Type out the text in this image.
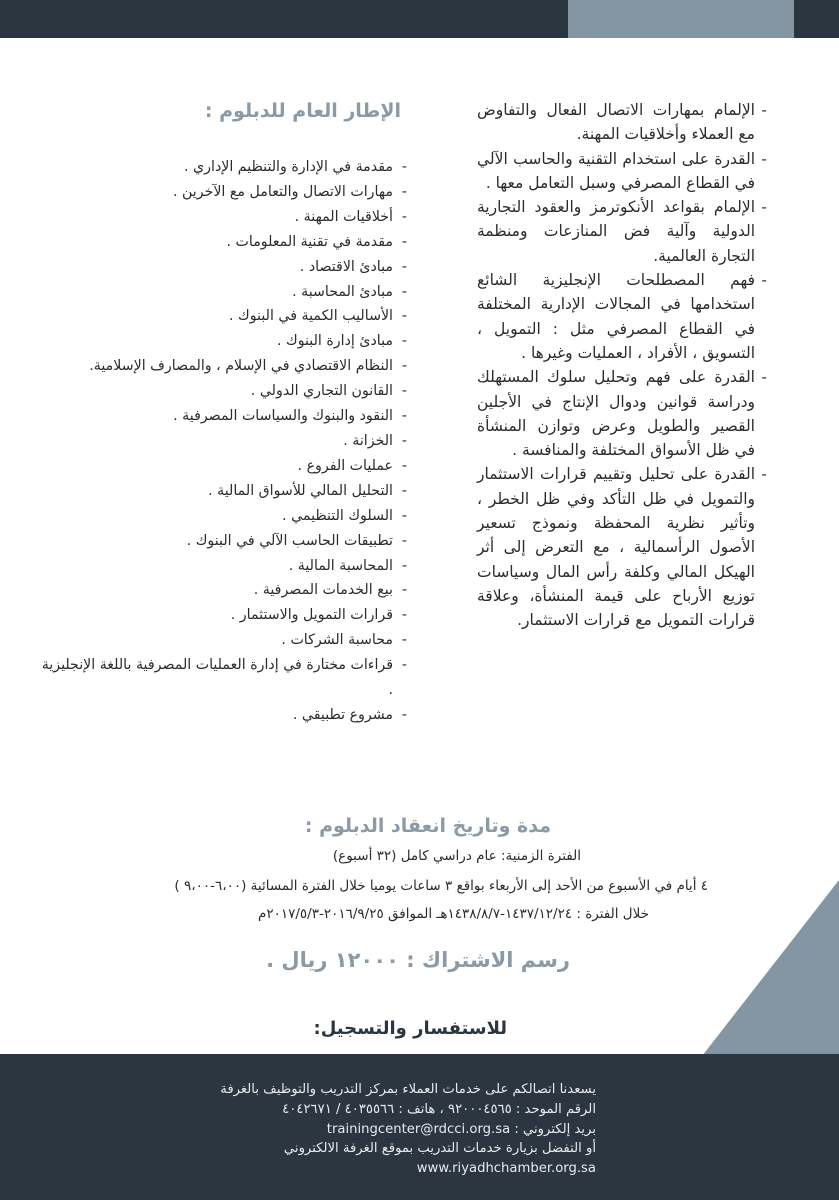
- الإلمام بمهارات الاتصال الفعال والتفاوض مع العملاء وأخلاقيات المهنة.
- القدرة على استخدام التقنية والحاسب الآلي في القطاع المصرفي وسبل التعامل معها .
- الإلمام بقواعد الأنكوترمز والعقود التجارية الدولية وآلية فض المنازعات ومنظمة التجارة العالمية.
- فهم المصطلحات الإنجليزية الشائع استخدامها في المجالات الإدارية المختلفة في القطاع المصرفي مثل : التمويل ، التسويق ، الأفراد ، العمليات وغيرها .
- القدرة على فهم وتحليل سلوك المستهلك ودراسة قوانين ودوال الإنتاج في الأجلين القصير والطويل وعرض وتوازن المنشأة في ظل الأسواق المختلفة والمنافسة .
- القدرة على تحليل وتقييم قرارات الاستثمار والتمويل في ظل التأكد وفي ظل الخطر ، وتأثير نظرية المحفظة ونموذج تسعير الأصول الرأسمالية ، مع التعرض إلى أثر الهيكل المالي وكلفة رأس المال وسياسات توزيع الأرباح على قيمة المنشأة، وعلاقة قرارات التمويل مع قرارات الاستثمار.
الإطار العام للدبلوم :
- مقدمة في الإدارة والتنظيم الإداري .
- مهارات الاتصال والتعامل مع الآخرين .
- أخلاقيات المهنة .
- مقدمة في تقنية المعلومات .
- مبادئ الاقتصاد .
- مبادئ المحاسبة .
- الأساليب الكمية في البنوك .
- مبادئ إدارة البنوك .
- النظام الاقتصادي في الإسلام ، والمصارف الإسلامية.
- القانون التجاري الدولي .
- النقود والبنوك والسياسات المصرفية .
- الخزانة .
- عمليات الفروع .
- التحليل المالي للأسواق المالية .
- السلوك التنظيمي .
- تطبيقات الحاسب الآلي في البنوك .
- المحاسبة المالية .
- بيع الخدمات المصرفية .
- قرارات التمويل والاستثمار .
- محاسبة الشركات .
- قراءات مختارة في إدارة العمليات المصرفية باللغة الإنجليزية .
- مشروع تطبيقي .
مدة وتاريخ انعقاد الدبلوم :

الفترة الزمنية: عام دراسي كامل (٣٢ أسبوع)

٤ أيام في الأسبوع من الأحد إلى الأربعاء بواقع ٣ ساعات يوميا خلال الفترة المسائية (٦،٠٠-٩،٠٠ )

خلال الفترة : ١٤٣٧/١٢/٢٤-١٤٣٨/٨/٧هـ الموافق ٢٠١٦/٩/٢٥-٢٠١٧/٥/٣م

رسم الاشتراك : ١٢٠٠٠ ريال .
للاستفسار والتسجيل:
يسعدنا اتصالكم على خدمات العملاء بمركز التدريب والتوظيف بالغرفة
الرقم الموحد : ٩٢٠٠٠٤٥٦٥ ، هاتف : ٤٠٣٥٥٦٦ / ٤٠٤٢٦٧١
بريد إلكتروني : trainingcenter@rdcci.org.sa
أو التفضل بزيارة خدمات التدريب بموقع الغرفة الالكتروني
www.riyadhchamber.org.sa
